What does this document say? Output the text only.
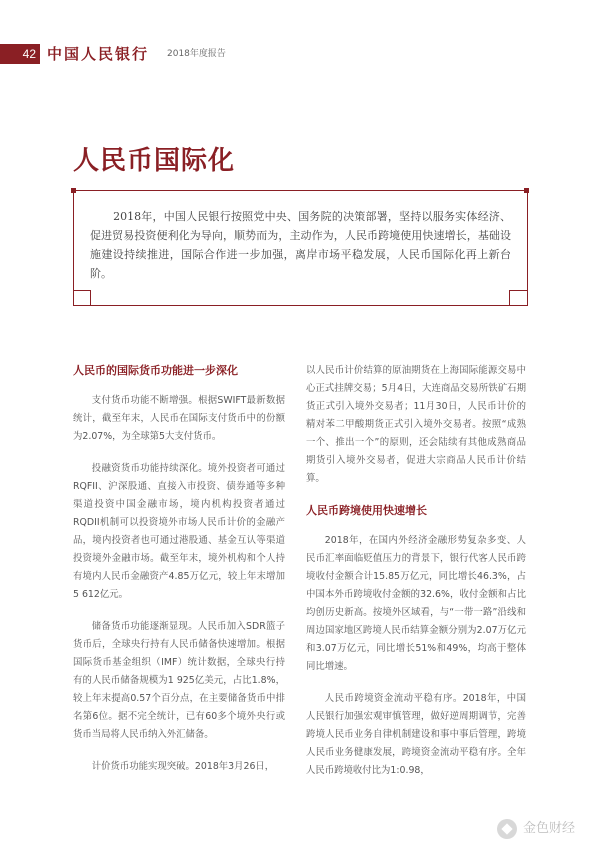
42 中国人民银行 2018年度报告
人民币国际化

2018年，中国人民银行按照党中央、国务院的决策部署，坚持以服务实体经济、促进贸易投资便利化为导向，顺势而为，主动作为，人民币跨境使用快速增长，基础设施建设持续推进，国际合作进一步加强，离岸市场平稳发展，人民币国际化再上新台阶。

人民币的国际货币功能进一步深化

支付货币功能不断增强。根据SWIFT最新数据统计，截至年末，人民币在国际支付货币中的份额为2.07%，为全球第5大支付货币。

投融资货币功能持续深化。境外投资者可通过RQFII、沪深股通、直接入市投资、债券通等多种渠道投资中国金融市场，境内机构投资者通过RQDII机制可以投资境外市场人民币计价的金融产品，境内投资者也可通过港股通、基金互认等渠道投资境外金融市场。截至年末，境外机构和个人持有境内人民币金融资产4.85万亿元，较上年末增加5 612亿元。

储备货币功能逐渐显现。人民币加入SDR篮子货币后，全球央行持有人民币储备快速增加。根据国际货币基金组织（IMF）统计数据，全球央行持有的人民币储备规模为1 925亿美元，占比1.8%，较上年末提高0.57个百分点，在主要储备货币中排名第6位。据不完全统计，已有60多个境外央行或货币当局将人民币纳入外汇储备。

计价货币功能实现突破。2018年3月26日，

以人民币计价结算的原油期货在上海国际能源交易中心正式挂牌交易；5月4日，大连商品交易所铁矿石期货正式引入境外交易者；11月30日，人民币计价的精对苯二甲酸期货正式引入境外交易者。按照“成熟一个、推出一个”的原则，还会陆续有其他成熟商品期货引入境外交易者，促进大宗商品人民币计价结算。

人民币跨境使用快速增长

2018年，在国内外经济金融形势复杂多变、人民币汇率面临贬值压力的背景下，银行代客人民币跨境收付金额合计15.85万亿元，同比增长46.3%，占中国本外币跨境收付金额的32.6%，收付金额和占比均创历史新高。按境外区域看，与“一带一路”沿线和周边国家地区跨境人民币结算金额分别为2.07万亿元和3.07万亿元，同比增长51%和49%，均高于整体同比增速。

人民币跨境资金流动平稳有序。2018年，中国人民银行加强宏观审慎管理，做好逆周期调节，完善跨境人民币业务自律机制建设和事中事后管理，跨境人民币业务健康发展，跨境资金流动平稳有序。全年人民币跨境收付比为1:0.98，

金色财经
